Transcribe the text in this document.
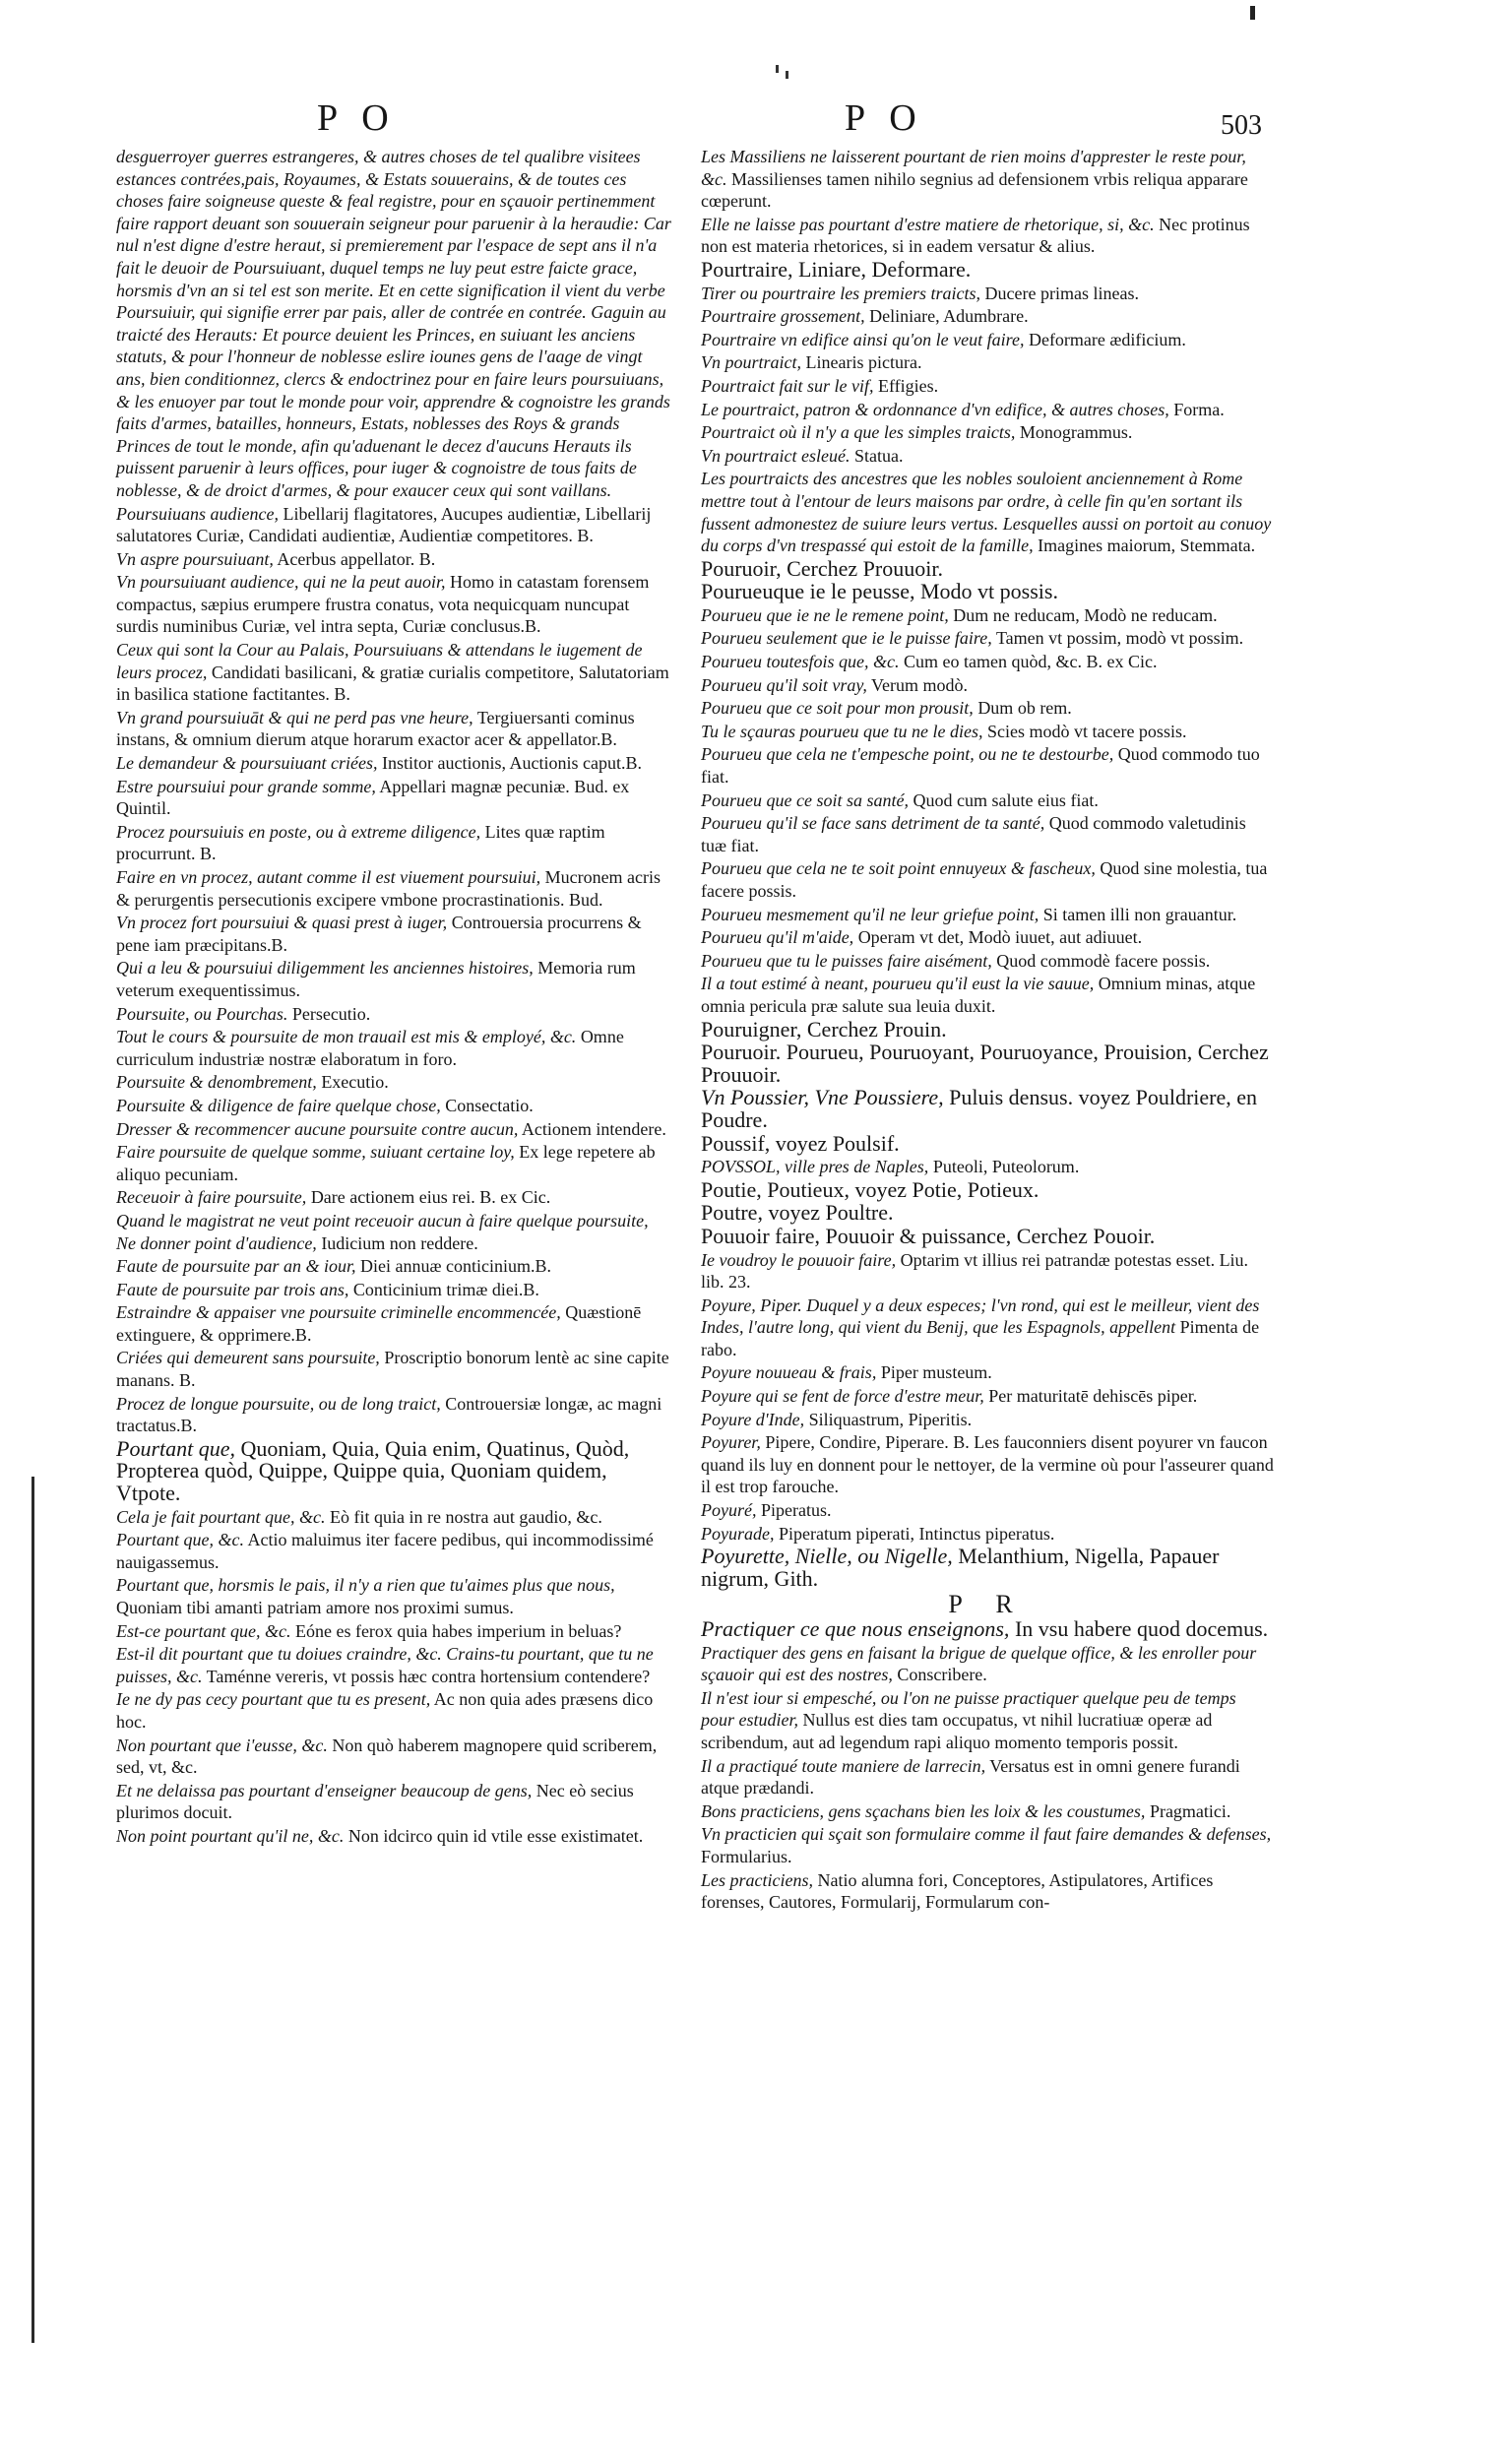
P O	P O	503
desguerroyer guerres estrangeres, & autres choses de tel qualibre visitees estances contrées,pais, Royaumes, & Estats souuerains, & de toutes ces choses faire soigneuse queste & feal registre, pour en sçauoir pertinemment faire rapport deuant son souuerain seigneur pour paruenir à la heraudie: Car nul n'est digne d'estre heraut, si premierement par l'espace de sept ans il n'a fait le deuoir de Poursuiuant, duquel temps ne luy peut estre faicte grace, horsmis d'vn an si tel est son merite. Et en cette signification il vient du verbe Poursuiuir, qui signifie errer par pais, aller de contrée en contrée. Gaguin au traicté des Herauts: Et pource deuient les Princes, en suiuant les anciens statuts, & pour l'honneur de noblesse eslire iounes gens de l'aage de vingt ans, bien conditionnez, clercs & endoctrinez pour en faire leurs poursuiuans, & les enuoyer par tout le monde pour voir, apprendre & cognoistre les grands faits d'armes, batailles, honneurs, Estats, noblesses des Roys & grands Princes de tout le monde, afin qu'aduenant le decez d'aucuns Herauts ils puissent paruenir à leurs offices, pour iuger & cognoistre de tous faits de noblesse, & de droict d'armes, & pour exaucer ceux qui sont vaillans.
Poursuiuans audience, Libellarij flagitatores, Aucupes audientiæ, Libellarij salutatores Curiæ, Candidati audientiæ, Audientiæ competitores. B.
Vn aspre poursuiuant, Acerbus appellator. B.
Vn poursuiuant audience, qui ne la peut auoir, Homo in catastam forensem compactus, sæpius erumpere frustra conatus, vota nequicquam nuncupat surdis numinibus Curiæ, vel intra septa, Curiæ conclusus.B.
Ceux qui sont la Cour au Palais, Poursuiuans & attendans le iugement de leurs procez, Candidati basilicani, & gratiæ curialis competitore, Salutatoriam in basilica statione factitantes. B.
Vn grand poursuiuāt & qui ne perd pas vne heure, Tergiuersanti cominus instans, & omnium dierum atque horarum exactor acer & appellator.B.
Le demandeur & poursuiuant criées, Institor auctionis, Auctionis caput.B.
Estre poursuiui pour grande somme, Appellari magnæ pecuniæ. Bud. ex Quintil.
Procez poursuiuis en poste, ou à extreme diligence, Lites quæ raptim procurrunt. B.
Faire en vn procez, autant comme il est viuement poursuiui, Mucronem acris & perurgentis persecutionis excipere vmbone procrastinationis. Bud.
Vn procez fort poursuiui & quasi prest à iuger, Controuersia procurrens & pene iam præcipitans.B.
Qui a leu & poursuiui diligemment les anciennes histoires, Memoria rum veterum exequentissimus.
Poursuite, ou Pourchas. Persecutio.
Tout le cours & poursuite de mon trauail est mis & employé, &c. Omne curriculum industriæ nostræ elaboratum in foro.
Poursuite & denombrement, Executio.
Poursuite & diligence de faire quelque chose, Consectatio.
Dresser & recommencer aucune poursuite contre aucun, Actionem intendere.
Faire poursuite de quelque somme, suiuant certaine loy, Ex lege repetere ab aliquo pecuniam.
Receuoir à faire poursuite, Dare actionem eius rei. B. ex Cic.
Quand le magistrat ne veut point receuoir aucun à faire quelque poursuite, Ne donner point d'audience, Iudicium non reddere.
Faute de poursuite par an & iour, Diei annuæ conticinium.B.
Faute de poursuite par trois ans, Conticinium trimæ diei.B.
Estraindre & appaiser vne poursuite criminelle encommencée, Quæstionē extinguere, & opprimere.B.
Criées qui demeurent sans poursuite, Proscriptio bonorum lentè ac sine capite manans. B.
Procez de longue poursuite, ou de long traict, Controuersiæ longæ, ac magni tractatus.B.
Pourtant que, Quoniam, Quia, Quia enim, Quatinus, Quòd, Propterea quòd, Quippe, Quippe quia, Quoniam quidem, Vtpote.
Cela je fait pourtant que, &c. Eò fit quia in re nostra aut gaudio, &c.
Pourtant que, &c. Actio maluimus iter facere pedibus, qui incommodissimé nauigassemus.
Pourtant que, horsmis le pais, il n'y a rien que tu'aimes plus que nous, Quoniam tibi amanti patriam amore nos proximi sumus.
Est-ce pourtant que, &c. Eóne es ferox quia habes imperium in beluas?
Est-il dit pourtant que tu doiues craindre, &c. Crains-tu pourtant, que tu ne puisses, &c. Taménne vereris, vt possis hæc contra hortensium contendere?
Ie ne dy pas cecy pourtant que tu es present, Ac non quia ades præsens dico hoc.
Non pourtant que i'eusse, &c. Non quò haberem magnopere quid scriberem, sed, vt, &c.
Et ne delaissa pas pourtant d'enseigner beaucoup de gens, Nec eò secius plurimos docuit.
Non point pourtant qu'il ne, &c. Non idcirco quin id vtile esse existimatet.
Les Massiliens ne laisserent pourtant de rien moins d'apprester le reste pour, &c. Massilienses tamen nihilo segnius ad defensionem vrbis reliqua apparare cœperunt.
Elle ne laisse pas pourtant d'estre matiere de rhetorique, si, &c. Nec protinus non est materia rhetorices, si in eadem versatur & alius.
Pourtraire, Liniare, Deformare.
Tirer ou pourtraire les premiers traicts, Ducere primas lineas.
Pourtraire grossement, Deliniare, Adumbrare.
Pourtraire vn edifice ainsi qu'on le veut faire, Deformare ædificium.
Vn pourtraict, Linearis pictura.
Pourtraict fait sur le vif, Effigies.
Le pourtraict, patron & ordonnance d'vn edifice, & autres choses, Forma.
Pourtraict où il n'y a que les simples traicts, Monogrammus.
Vn pourtraict esleué. Statua.
Les pourtraicts des ancestres que les nobles souloient anciennement à Rome mettre tout à l'entour de leurs maisons par ordre, à celle fin qu'en sortant ils fussent admonestez de suiure leurs vertus. Lesquelles aussi on portoit au conuoy du corps d'vn trespassé qui estoit de la famille, Imagines maiorum, Stemmata.
Pouruoir, Cerchez Prouuoir.
Pourueuque ie le peusse, Modo vt possis.
Pourueu que ie ne le remene point, Dum ne reducam, Modò ne reducam.
Pourueu seulement que ie le puisse faire, Tamen vt possim, modò vt possim.
Pourueu toutesfois que, &c. Cum eo tamen quòd, &c. B. ex Cic.
Pourueu qu'il soit vray, Verum modò.
Pourueu que ce soit pour mon prousit, Dum ob rem.
Tu le sçauras pourueu que tu ne le dies, Scies modò vt tacere possis.
Pourueu que cela ne t'empesche point, ou ne te destourbe, Quod commodo tuo fiat.
Pourueu que ce soit sa santé, Quod cum salute eius fiat.
Pourueu qu'il se face sans detriment de ta santé, Quod commodo valetudinis tuæ fiat.
Pourueu que cela ne te soit point ennuyeux & fascheux, Quod sine molestia, tua facere possis.
Pourueu mesmement qu'il ne leur griefue point, Si tamen illi non grauantur.
Pourueu qu'il m'aide, Operam vt det, Modò iuuet, aut adiuuet.
Pourueu que tu le puisses faire aisément, Quod commodè facere possis.
Il a tout estimé à neant, pourueu qu'il eust la vie sauue, Omnium minas, atque omnia pericula præ salute sua leuia duxit.
Pouruigner, Cerchez Prouin.
Pouruoir. Pourueu, Pouruoyant, Pouruoyance, Prouision, Cerchez Prouuoir.
Vn Poussier, Vne Poussiere, Puluis densus. voyez Pouldriere, en Poudre.
Poussif, voyez Poulsif.
POVSSOL, ville pres de Naples, Puteoli, Puteolorum.
Poutie, Poutieux, voyez Potie, Potieux.
Poutre, voyez Poultre.
Pouuoir faire, Pouuoir & puissance, Cerchez Pouoir.
Ie voudroy le pouuoir faire, Optarim vt illius rei patrandæ potestas esset. Liu. lib. 23.
Poyure, Piper. Duquel y a deux especes; l'vn rond, qui est le meilleur, vient des Indes, l'autre long, qui vient du Benij, que les Espagnols, appellent Pimenta de rabo.
Poyure nouueau & frais, Piper musteum.
Poyure qui se fent de force d'estre meur, Per maturitatē dehiscēs piper.
Poyure d'Inde, Siliquastrum, Piperitis.
Poyurer, Pipere, Condire, Piperare. B. Les fauconniers disent poyurer vn faucon quand ils luy en donnent pour le nettoyer, de la vermine où pour l'asseurer quand il est trop farouche.
Poyuré, Piperatus.
Poyurade, Piperatum piperati, Intinctus piperatus.
Poyurette, Nielle, ou Nigelle, Melanthium, Nigella, Papauer nigrum, Gith.
P R
Practiquer ce que nous enseignons, In vsu habere quod docemus.
Practiquer des gens en faisant la brigue de quelque office, & les enroller pour sçauoir qui est des nostres, Conscribere.
Il n'est iour si empesché, ou l'on ne puisse practiquer quelque peu de temps pour estudier, Nullus est dies tam occupatus, vt nihil lucratiuæ operæ ad scribendum, aut ad legendum rapi aliquo momento temporis possit.
Il a practiqué toute maniere de larrecin, Versatus est in omni genere furandi atque prædandi.
Bons practiciens, gens sçachans bien les loix & les coustumes, Pragmatici.
Vn practicien qui sçait son formulaire comme il faut faire demandes & defenses, Formularius.
Les practiciens, Natio alumna fori, Conceptores, Astipulatores, Artifices forenses, Cautores, Formularij, Formularum con-
